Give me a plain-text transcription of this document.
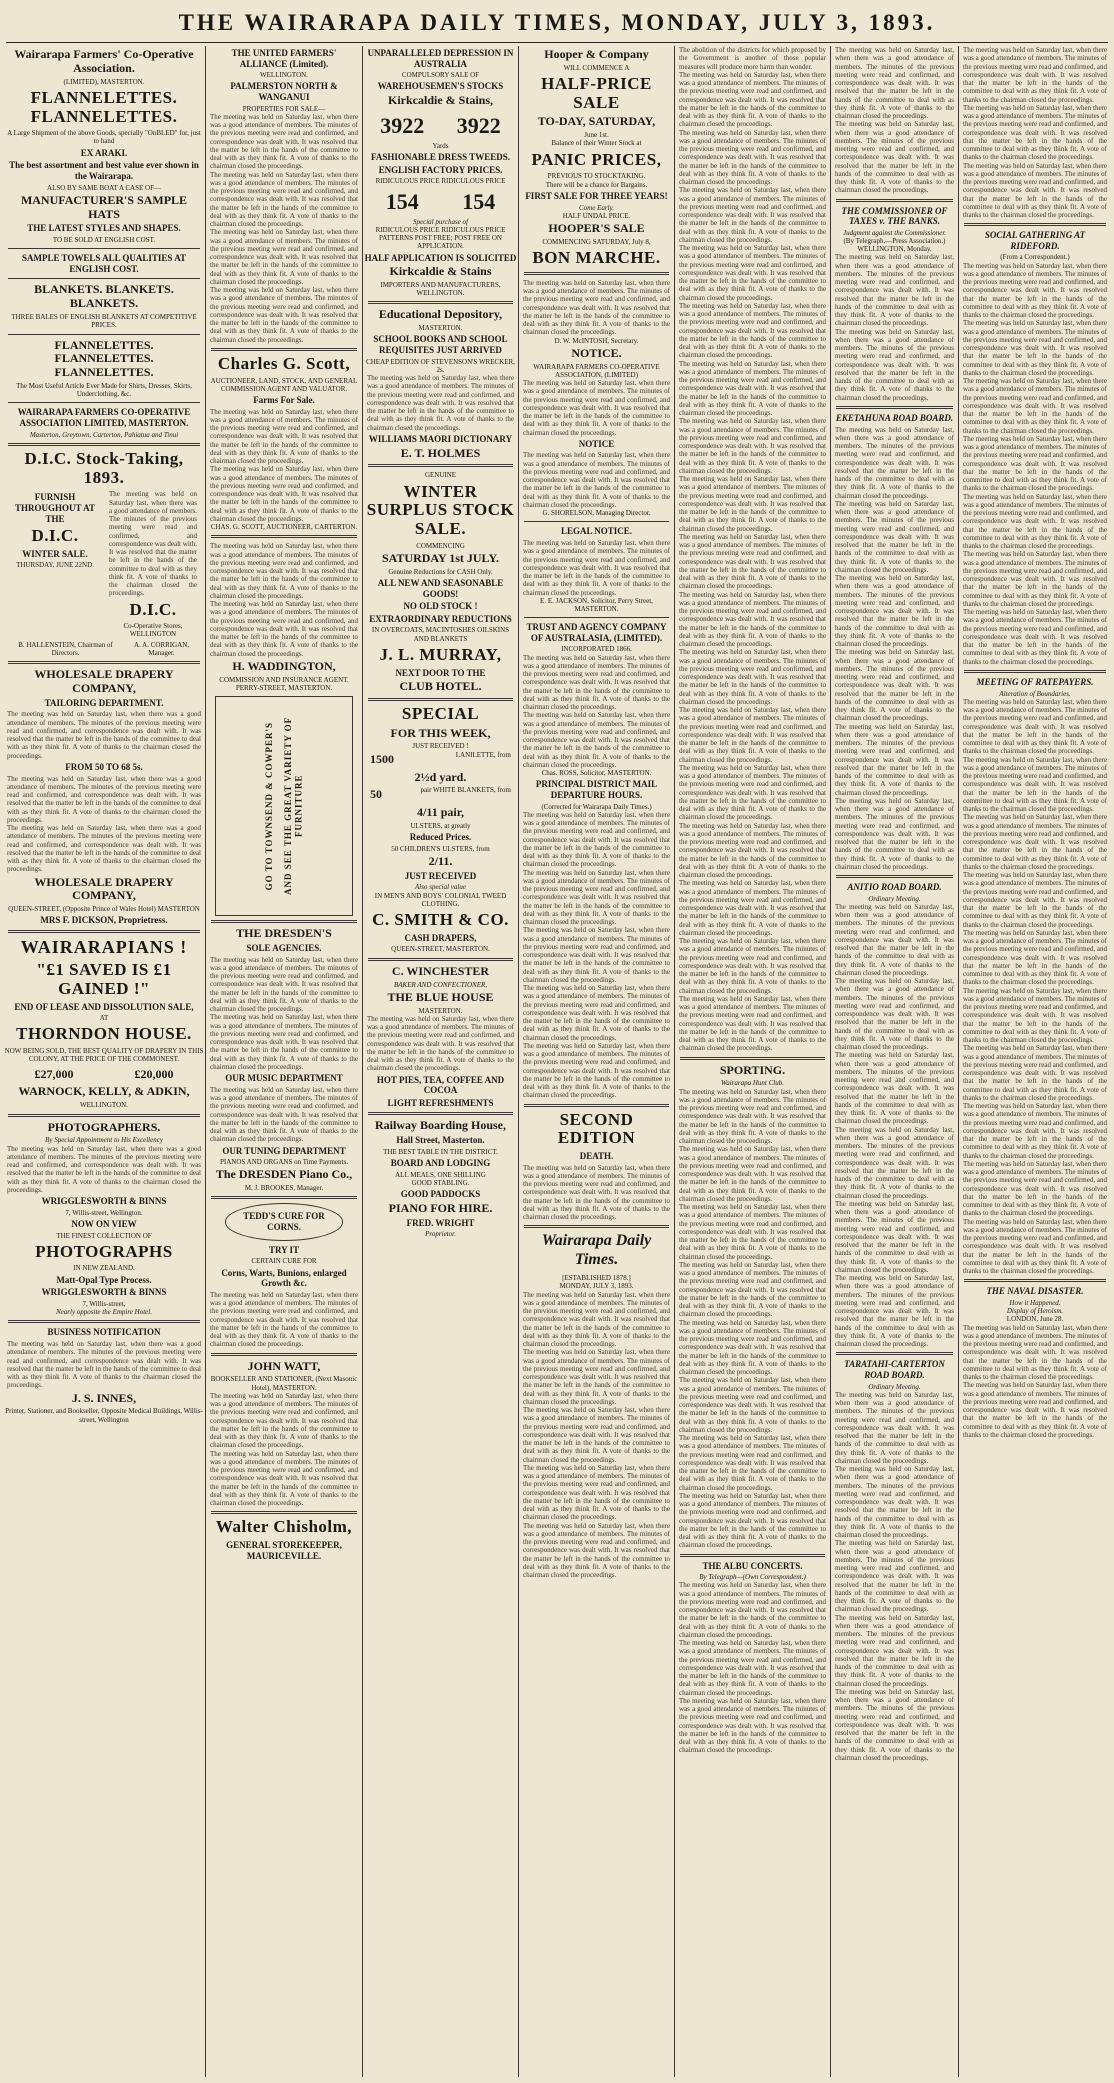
THE WAIRARAPA DAILY TIMES, MONDAY, JULY 3, 1893.
Wairarapa Farmers' Co-Operative Association.
(LIMITED), MASTERTON.
FLANNELETTES. FLANNELETTES.
A Large Shipment of the above Goods, specially "OnBLED" for, just to hand
EX ARAKI.
The best assortment and best value ever shown in the Wairarapa.
ALSO BY SAME BOAT A CASE OF—
MANUFACTURER'S SAMPLE HATS
THE LATEST STYLES AND SHAPES.
TO BE SOLD AT ENGLISH COST.
SAMPLE TOWELS ALL QUALITIES AT ENGLISH COST.
BLANKETS. BLANKETS. BLANKETS.
THREE BALES OF ENGLISH BLANKETS AT COMPETITIVE PRICES.
FLANNELETTES. FLANNELETTES. FLANNELETTES.
The Most Useful Article Ever Made for Shirts, Dresses, Skirts, Underclothing, &c.
WAIRARAPA FARMERS CO-OPERATIVE ASSOCIATION LIMITED, MASTERTON.
Masterton, Greytown, Carterton, Pahiatua and Tinui
D.I.C. Stock-Taking, 1893.
FURNISH THROUGHOUT AT THE
D.I.C.
WINTER SALE.
THURSDAY, JUNE 22ND.

The meeting was held on Saturday last, when there was a good attendance of members. The minutes of the previous meeting were read and confirmed, and correspondence was dealt with. It was resolved that the matter be left in the hands of the committee to deal with as they think fit. A vote of thanks to the chairman closed the proceedings.

D.I.C.
Co-Operative Stores, WELLINGTON
B. HALLENSTEIN, Chairman of Directors.
A. A. CORRIGAN, Manager.
WHOLESALE DRAPERY COMPANY,
TAILORING DEPARTMENT.

The meeting was held on Saturday last, when there was a good attendance of members. The minutes of the previous meeting were read and confirmed, and correspondence was dealt with. It was resolved that the matter be left in the hands of the committee to deal with as they think fit. A vote of thanks to the chairman closed the proceedings.

FROM 50 TO 68 5s.

The meeting was held on Saturday last, when there was a good attendance of members. The minutes of the previous meeting were read and confirmed, and correspondence was dealt with. It was resolved that the matter be left in the hands of the committee to deal with as they think fit. A vote of thanks to the chairman closed the proceedings.

The meeting was held on Saturday last, when there was a good attendance of members. The minutes of the previous meeting were read and confirmed, and correspondence was dealt with. It was resolved that the matter be left in the hands of the committee to deal with as they think fit. A vote of thanks to the chairman closed the proceedings.

WHOLESALE DRAPERY COMPANY,
QUEEN-STREET, (Opposite Prince of Wales Hotel) MASTERTON
MRS F. DICKSON, Proprietress.
WAIRARAPIANS !
"£1 SAVED IS £1 GAINED !"
END OF LEASE AND DISSOLUTION SALE,
AT
THORNDON HOUSE.
NOW BEING SOLD, THE BEST QUALITY OF DRAPERY IN THIS COLONY, AT THE PRICE OF THE COMMONEST.
£27,000	£20,000
WARNOCK, KELLY, & ADKIN,
WELLINGTON.
PHOTOGRAPHERS.
By Special Appointment to His Excellency

The meeting was held on Saturday last, when there was a good attendance of members. The minutes of the previous meeting were read and confirmed, and correspondence was dealt with. It was resolved that the matter be left in the hands of the committee to deal with as they think fit. A vote of thanks to the chairman closed the proceedings.

WRIGGLESWORTH & BINNS
7, Willis-street, Wellington.
NOW ON VIEW
THE FINEST COLLECTION OF
PHOTOGRAPHS
IN NEW ZEALAND.
Matt-Opal Type Process.
WRIGGLESWORTH & BINNS
7, Willis-street,
Nearly opposite the Empire Hotel.
BUSINESS NOTIFICATION

The meeting was held on Saturday last, when there was a good attendance of members. The minutes of the previous meeting were read and confirmed, and correspondence was dealt with. It was resolved that the matter be left in the hands of the committee to deal with as they think fit. A vote of thanks to the chairman closed the proceedings.

J. S. INNES,
Printer, Stationer, and Bookseller, Opposite Medical Buildings, Willis-street, Wellington
THE UNITED FARMERS' ALLIANCE (Limited).
WELLINGTON.
PALMERSTON NORTH & WANGANUI
PROPERTIES FOR SALE—

The meeting was held on Saturday last, when there was a good attendance of members. The minutes of the previous meeting were read and confirmed, and correspondence was dealt with. It was resolved that the matter be left in the hands of the committee to deal with as they think fit. A vote of thanks to the chairman closed the proceedings.

The meeting was held on Saturday last, when there was a good attendance of members. The minutes of the previous meeting were read and confirmed, and correspondence was dealt with. It was resolved that the matter be left in the hands of the committee to deal with as they think fit. A vote of thanks to the chairman closed the proceedings.

The meeting was held on Saturday last, when there was a good attendance of members. The minutes of the previous meeting were read and confirmed, and correspondence was dealt with. It was resolved that the matter be left in the hands of the committee to deal with as they think fit. A vote of thanks to the chairman closed the proceedings.

The meeting was held on Saturday last, when there was a good attendance of members. The minutes of the previous meeting were read and confirmed, and correspondence was dealt with. It was resolved that the matter be left in the hands of the committee to deal with as they think fit. A vote of thanks to the chairman closed the proceedings.

Charles G. Scott,
AUCTIONEER, LAND, STOCK, AND GENERAL COMMISSION AGENT AND VALUATOR.
Farms For Sale.

The meeting was held on Saturday last, when there was a good attendance of members. The minutes of the previous meeting were read and confirmed, and correspondence was dealt with. It was resolved that the matter be left in the hands of the committee to deal with as they think fit. A vote of thanks to the chairman closed the proceedings.

The meeting was held on Saturday last, when there was a good attendance of members. The minutes of the previous meeting were read and confirmed, and correspondence was dealt with. It was resolved that the matter be left in the hands of the committee to deal with as they think fit. A vote of thanks to the chairman closed the proceedings.

CHAS. G. SCOTT, AUCTIONEER, CARTERTON.

The meeting was held on Saturday last, when there was a good attendance of members. The minutes of the previous meeting were read and confirmed, and correspondence was dealt with. It was resolved that the matter be left in the hands of the committee to deal with as they think fit. A vote of thanks to the chairman closed the proceedings.

The meeting was held on Saturday last, when there was a good attendance of members. The minutes of the previous meeting were read and confirmed, and correspondence was dealt with. It was resolved that the matter be left in the hands of the committee to deal with as they think fit. A vote of thanks to the chairman closed the proceedings.

H. WADDINGTON,
COMMISSION AND INSURANCE AGENT. PERRY-STREET, MASTERTON.
GO TO TOWNSEND & COWPER'S AND SEE THE GREAT VARIETY OF FURNITURE
THE DRESDEN'S
SOLE AGENCIES.

The meeting was held on Saturday last, when there was a good attendance of members. The minutes of the previous meeting were read and confirmed, and correspondence was dealt with. It was resolved that the matter be left in the hands of the committee to deal with as they think fit. A vote of thanks to the chairman closed the proceedings.

The meeting was held on Saturday last, when there was a good attendance of members. The minutes of the previous meeting were read and confirmed, and correspondence was dealt with. It was resolved that the matter be left in the hands of the committee to deal with as they think fit. A vote of thanks to the chairman closed the proceedings.

OUR MUSIC DEPARTMENT

The meeting was held on Saturday last, when there was a good attendance of members. The minutes of the previous meeting were read and confirmed, and correspondence was dealt with. It was resolved that the matter be left in the hands of the committee to deal with as they think fit. A vote of thanks to the chairman closed the proceedings.

OUR TUNING DEPARTMENT
PIANOS AND ORGANS on Time Payments.
The DRESDEN Piano Co.,
M. J. BROOKES, Manager.
TEDD'S CURE FOR CORNS.
TRY IT
CERTAIN CURE FOR
Corns, Warts, Bunions, enlarged Growth &c.

The meeting was held on Saturday last, when there was a good attendance of members. The minutes of the previous meeting were read and confirmed, and correspondence was dealt with. It was resolved that the matter be left in the hands of the committee to deal with as they think fit. A vote of thanks to the chairman closed the proceedings.

JOHN WATT,
BOOKSELLER AND STATIONER, (Next Masonic Hotel), MASTERTON.

The meeting was held on Saturday last, when there was a good attendance of members. The minutes of the previous meeting were read and confirmed, and correspondence was dealt with. It was resolved that the matter be left in the hands of the committee to deal with as they think fit. A vote of thanks to the chairman closed the proceedings.

The meeting was held on Saturday last, when there was a good attendance of members. The minutes of the previous meeting were read and confirmed, and correspondence was dealt with. It was resolved that the matter be left in the hands of the committee to deal with as they think fit. A vote of thanks to the chairman closed the proceedings.

Walter Chisholm,
GENERAL STOREKEEPER, MAURICEVILLE.
UNPARALLELED DEPRESSION IN AUSTRALIA
COMPULSORY SALE OF
WAREHOUSEMEN'S STOCKS
Kirkcaldie & Stains,
3922 3922
Yards
FASHIONABLE DRESS TWEEDS.
ENGLISH FACTORY PRICES.
RIDICULOUS PRICE RIDICULOUS PRICE
154 154
Special purchase of
RIDICULOUS PRICE RIDICULOUS PRICE
PATTERNS POST FREE; POST FREE ON APPLICATION.
HALF APPLICATION IS SOLICITED
Kirkcaldie & Stains
IMPORTERS AND MANUFACTURERS, WELLINGTON.
Educational Depository,
MASTERTON.
SCHOOL BOOKS AND SCHOOL REQUISITES JUST ARRIVED
CHEAP EDITION OF STEVENSON'S WRECKER, 2s.

The meeting was held on Saturday last, when there was a good attendance of members. The minutes of the previous meeting were read and confirmed, and correspondence was dealt with. It was resolved that the matter be left in the hands of the committee to deal with as they think fit. A vote of thanks to the chairman closed the proceedings.

WILLIAMS MAORI DICTIONARY
E. T. HOLMES
GENUINE
WINTER SURPLUS STOCK SALE.
COMMENCING
SATURDAY 1st JULY.
Genuine Reductions for CASH Only.
ALL NEW AND SEASONABLE GOODS!
NO OLD STOCK !
EXTRAORDINARY REDUCTIONS
IN OVERCOATS, MACINTOSHES OILSKINS AND BLANKETS
J. L. MURRAY,
NEXT DOOR TO THE
CLUB HOTEL.
SPECIAL
FOR THIS WEEK,
JUST RECEIVED !
1500	LANILETTE, from
2½d yard.
50	pair WHITE BLANKETS, from
4/11 pair,
ULSTERS, at greatly
Reduced Prices.
50 CHILDREN'S ULSTERS, from
2/11.
JUST RECEIVED
Also special value
IN MEN'S AND BOYS' COLONIAL TWEED CLOTHING.
C. SMITH & CO.
CASH DRAPERS,
QUEEN-STREET, MASTERTON.
C. WINCHESTER
BAKER AND CONFECTIONER,
THE BLUE HOUSE
MASTERTON.

The meeting was held on Saturday last, when there was a good attendance of members. The minutes of the previous meeting were read and confirmed, and correspondence was dealt with. It was resolved that the matter be left in the hands of the committee to deal with as they think fit. A vote of thanks to the chairman closed the proceedings.

HOT PIES, TEA, COFFEE AND COCOA
LIGHT REFRESHMENTS
Railway Boarding House,
Hall Street, Masterton.
THE BEST TABLE IN THE DISTRICT.
BOARD AND LODGING
ALL MEALS, ONE SHILLING
GOOD STABLING.
GOOD PADDOCKS
PIANO FOR HIRE.
FRED. WRIGHT
Proprietor.
Hooper & Company
WILL COMMENCE A
HALF-PRICE SALE
TO-DAY, SATURDAY,
June 1st.
Balance of their Winter Stock at
PANIC PRICES,
PREVIOUS TO STOCKTAKING.
There will be a chance for Bargains.
FIRST SALE FOR THREE YEARS!
Come Early.
HALF UNDAL PRICE.
HOOPER'S SALE
COMMENCING SATURDAY, July 8,
BON MARCHE.

The meeting was held on Saturday last, when there was a good attendance of members. The minutes of the previous meeting were read and confirmed, and correspondence was dealt with. It was resolved that the matter be left in the hands of the committee to deal with as they think fit. A vote of thanks to the chairman closed the proceedings.

D. W. McINTOSH, Secretary.
NOTICE.
WAIRARAPA FARMERS CO-OPERATIVE ASSOCIATION, (LIMITED)

The meeting was held on Saturday last, when there was a good attendance of members. The minutes of the previous meeting were read and confirmed, and correspondence was dealt with. It was resolved that the matter be left in the hands of the committee to deal with as they think fit. A vote of thanks to the chairman closed the proceedings.

NOTICE

The meeting was held on Saturday last, when there was a good attendance of members. The minutes of the previous meeting were read and confirmed, and correspondence was dealt with. It was resolved that the matter be left in the hands of the committee to deal with as they think fit. A vote of thanks to the chairman closed the proceedings.

G. SHORELSON, Managing Director.
LEGAL NOTICE.

The meeting was held on Saturday last, when there was a good attendance of members. The minutes of the previous meeting were read and confirmed, and correspondence was dealt with. It was resolved that the matter be left in the hands of the committee to deal with as they think fit. A vote of thanks to the chairman closed the proceedings.

E. E. JACKSON, Solicitor, Perry Street, MASTERTON.
TRUST AND AGENCY COMPANY OF AUSTRALASIA, (LIMITED).
INCORPORATED 1866.

The meeting was held on Saturday last, when there was a good attendance of members. The minutes of the previous meeting were read and confirmed, and correspondence was dealt with. It was resolved that the matter be left in the hands of the committee to deal with as they think fit. A vote of thanks to the chairman closed the proceedings.

The meeting was held on Saturday last, when there was a good attendance of members. The minutes of the previous meeting were read and confirmed, and correspondence was dealt with. It was resolved that the matter be left in the hands of the committee to deal with as they think fit. A vote of thanks to the chairman closed the proceedings.

Chas. ROSS, Solicitor, MASTERTON.
PRINCIPAL DISTRICT MAIL DEPARTURE HOURS.
(Corrected for Wairarapa Daily Times.)

The meeting was held on Saturday last, when there was a good attendance of members. The minutes of the previous meeting were read and confirmed, and correspondence was dealt with. It was resolved that the matter be left in the hands of the committee to deal with as they think fit. A vote of thanks to the chairman closed the proceedings.

The meeting was held on Saturday last, when there was a good attendance of members. The minutes of the previous meeting were read and confirmed, and correspondence was dealt with. It was resolved that the matter be left in the hands of the committee to deal with as they think fit. A vote of thanks to the chairman closed the proceedings.

The meeting was held on Saturday last, when there was a good attendance of members. The minutes of the previous meeting were read and confirmed, and correspondence was dealt with. It was resolved that the matter be left in the hands of the committee to deal with as they think fit. A vote of thanks to the chairman closed the proceedings.

The meeting was held on Saturday last, when there was a good attendance of members. The minutes of the previous meeting were read and confirmed, and correspondence was dealt with. It was resolved that the matter be left in the hands of the committee to deal with as they think fit. A vote of thanks to the chairman closed the proceedings.

The meeting was held on Saturday last, when there was a good attendance of members. The minutes of the previous meeting were read and confirmed, and correspondence was dealt with. It was resolved that the matter be left in the hands of the committee to deal with as they think fit. A vote of thanks to the chairman closed the proceedings.

SECOND EDITION
DEATH.

The meeting was held on Saturday last, when there was a good attendance of members. The minutes of the previous meeting were read and confirmed, and correspondence was dealt with. It was resolved that the matter be left in the hands of the committee to deal with as they think fit. A vote of thanks to the chairman closed the proceedings.

Wairarapa Daily Times.
[ESTABLISHED 1878.]
MONDAY, JULY 3, 1893.

The meeting was held on Saturday last, when there was a good attendance of members. The minutes of the previous meeting were read and confirmed, and correspondence was dealt with. It was resolved that the matter be left in the hands of the committee to deal with as they think fit. A vote of thanks to the chairman closed the proceedings.

The meeting was held on Saturday last, when there was a good attendance of members. The minutes of the previous meeting were read and confirmed, and correspondence was dealt with. It was resolved that the matter be left in the hands of the committee to deal with as they think fit. A vote of thanks to the chairman closed the proceedings.

The meeting was held on Saturday last, when there was a good attendance of members. The minutes of the previous meeting were read and confirmed, and correspondence was dealt with. It was resolved that the matter be left in the hands of the committee to deal with as they think fit. A vote of thanks to the chairman closed the proceedings.

The meeting was held on Saturday last, when there was a good attendance of members. The minutes of the previous meeting were read and confirmed, and correspondence was dealt with. It was resolved that the matter be left in the hands of the committee to deal with as they think fit. A vote of thanks to the chairman closed the proceedings.

The meeting was held on Saturday last, when there was a good attendance of members. The minutes of the previous meeting were read and confirmed, and correspondence was dealt with. It was resolved that the matter be left in the hands of the committee to deal with as they think fit. A vote of thanks to the chairman closed the proceedings.

The abolition of the districts for which proposed by the Government is another of those popular measures will produce more harm than wonder.

The meeting was held on Saturday last, when there was a good attendance of members. The minutes of the previous meeting were read and confirmed, and correspondence was dealt with. It was resolved that the matter be left in the hands of the committee to deal with as they think fit. A vote of thanks to the chairman closed the proceedings.

The meeting was held on Saturday last, when there was a good attendance of members. The minutes of the previous meeting were read and confirmed, and correspondence was dealt with. It was resolved that the matter be left in the hands of the committee to deal with as they think fit. A vote of thanks to the chairman closed the proceedings.

The meeting was held on Saturday last, when there was a good attendance of members. The minutes of the previous meeting were read and confirmed, and correspondence was dealt with. It was resolved that the matter be left in the hands of the committee to deal with as they think fit. A vote of thanks to the chairman closed the proceedings.

The meeting was held on Saturday last, when there was a good attendance of members. The minutes of the previous meeting were read and confirmed, and correspondence was dealt with. It was resolved that the matter be left in the hands of the committee to deal with as they think fit. A vote of thanks to the chairman closed the proceedings.

The meeting was held on Saturday last, when there was a good attendance of members. The minutes of the previous meeting were read and confirmed, and correspondence was dealt with. It was resolved that the matter be left in the hands of the committee to deal with as they think fit. A vote of thanks to the chairman closed the proceedings.

The meeting was held on Saturday last, when there was a good attendance of members. The minutes of the previous meeting were read and confirmed, and correspondence was dealt with. It was resolved that the matter be left in the hands of the committee to deal with as they think fit. A vote of thanks to the chairman closed the proceedings.

The meeting was held on Saturday last, when there was a good attendance of members. The minutes of the previous meeting were read and confirmed, and correspondence was dealt with. It was resolved that the matter be left in the hands of the committee to deal with as they think fit. A vote of thanks to the chairman closed the proceedings.

The meeting was held on Saturday last, when there was a good attendance of members. The minutes of the previous meeting were read and confirmed, and correspondence was dealt with. It was resolved that the matter be left in the hands of the committee to deal with as they think fit. A vote of thanks to the chairman closed the proceedings.

The meeting was held on Saturday last, when there was a good attendance of members. The minutes of the previous meeting were read and confirmed, and correspondence was dealt with. It was resolved that the matter be left in the hands of the committee to deal with as they think fit. A vote of thanks to the chairman closed the proceedings.

The meeting was held on Saturday last, when there was a good attendance of members. The minutes of the previous meeting were read and confirmed, and correspondence was dealt with. It was resolved that the matter be left in the hands of the committee to deal with as they think fit. A vote of thanks to the chairman closed the proceedings.

The meeting was held on Saturday last, when there was a good attendance of members. The minutes of the previous meeting were read and confirmed, and correspondence was dealt with. It was resolved that the matter be left in the hands of the committee to deal with as they think fit. A vote of thanks to the chairman closed the proceedings.

The meeting was held on Saturday last, when there was a good attendance of members. The minutes of the previous meeting were read and confirmed, and correspondence was dealt with. It was resolved that the matter be left in the hands of the committee to deal with as they think fit. A vote of thanks to the chairman closed the proceedings.

The meeting was held on Saturday last, when there was a good attendance of members. The minutes of the previous meeting were read and confirmed, and correspondence was dealt with. It was resolved that the matter be left in the hands of the committee to deal with as they think fit. A vote of thanks to the chairman closed the proceedings.

The meeting was held on Saturday last, when there was a good attendance of members. The minutes of the previous meeting were read and confirmed, and correspondence was dealt with. It was resolved that the matter be left in the hands of the committee to deal with as they think fit. A vote of thanks to the chairman closed the proceedings.

The meeting was held on Saturday last, when there was a good attendance of members. The minutes of the previous meeting were read and confirmed, and correspondence was dealt with. It was resolved that the matter be left in the hands of the committee to deal with as they think fit. A vote of thanks to the chairman closed the proceedings.

The meeting was held on Saturday last, when there was a good attendance of members. The minutes of the previous meeting were read and confirmed, and correspondence was dealt with. It was resolved that the matter be left in the hands of the committee to deal with as they think fit. A vote of thanks to the chairman closed the proceedings.

The meeting was held on Saturday last, when there was a good attendance of members. The minutes of the previous meeting were read and confirmed, and correspondence was dealt with. It was resolved that the matter be left in the hands of the committee to deal with as they think fit. A vote of thanks to the chairman closed the proceedings.

SPORTING.
Wairarapa Hunt Club.

The meeting was held on Saturday last, when there was a good attendance of members. The minutes of the previous meeting were read and confirmed, and correspondence was dealt with. It was resolved that the matter be left in the hands of the committee to deal with as they think fit. A vote of thanks to the chairman closed the proceedings.

The meeting was held on Saturday last, when there was a good attendance of members. The minutes of the previous meeting were read and confirmed, and correspondence was dealt with. It was resolved that the matter be left in the hands of the committee to deal with as they think fit. A vote of thanks to the chairman closed the proceedings.

The meeting was held on Saturday last, when there was a good attendance of members. The minutes of the previous meeting were read and confirmed, and correspondence was dealt with. It was resolved that the matter be left in the hands of the committee to deal with as they think fit. A vote of thanks to the chairman closed the proceedings.

The meeting was held on Saturday last, when there was a good attendance of members. The minutes of the previous meeting were read and confirmed, and correspondence was dealt with. It was resolved that the matter be left in the hands of the committee to deal with as they think fit. A vote of thanks to the chairman closed the proceedings.

The meeting was held on Saturday last, when there was a good attendance of members. The minutes of the previous meeting were read and confirmed, and correspondence was dealt with. It was resolved that the matter be left in the hands of the committee to deal with as they think fit. A vote of thanks to the chairman closed the proceedings.

The meeting was held on Saturday last, when there was a good attendance of members. The minutes of the previous meeting were read and confirmed, and correspondence was dealt with. It was resolved that the matter be left in the hands of the committee to deal with as they think fit. A vote of thanks to the chairman closed the proceedings.

The meeting was held on Saturday last, when there was a good attendance of members. The minutes of the previous meeting were read and confirmed, and correspondence was dealt with. It was resolved that the matter be left in the hands of the committee to deal with as they think fit. A vote of thanks to the chairman closed the proceedings.

The meeting was held on Saturday last, when there was a good attendance of members. The minutes of the previous meeting were read and confirmed, and correspondence was dealt with. It was resolved that the matter be left in the hands of the committee to deal with as they think fit. A vote of thanks to the chairman closed the proceedings.

THE ALBU CONCERTS.
By Telegraph—(Own Correspondent.)

The meeting was held on Saturday last, when there was a good attendance of members. The minutes of the previous meeting were read and confirmed, and correspondence was dealt with. It was resolved that the matter be left in the hands of the committee to deal with as they think fit. A vote of thanks to the chairman closed the proceedings.

The meeting was held on Saturday last, when there was a good attendance of members. The minutes of the previous meeting were read and confirmed, and correspondence was dealt with. It was resolved that the matter be left in the hands of the committee to deal with as they think fit. A vote of thanks to the chairman closed the proceedings.

The meeting was held on Saturday last, when there was a good attendance of members. The minutes of the previous meeting were read and confirmed, and correspondence was dealt with. It was resolved that the matter be left in the hands of the committee to deal with as they think fit. A vote of thanks to the chairman closed the proceedings.

The meeting was held on Saturday last, when there was a good attendance of members. The minutes of the previous meeting were read and confirmed, and correspondence was dealt with. It was resolved that the matter be left in the hands of the committee to deal with as they think fit. A vote of thanks to the chairman closed the proceedings.

The meeting was held on Saturday last, when there was a good attendance of members. The minutes of the previous meeting were read and confirmed, and correspondence was dealt with. It was resolved that the matter be left in the hands of the committee to deal with as they think fit. A vote of thanks to the chairman closed the proceedings.

THE COMMISSIONER OF TAXES v. THE BANKS.
Judgment against the Commissioner.
(By Telegraph.—Press Association.)
WELLINGTON, Monday.

The meeting was held on Saturday last, when there was a good attendance of members. The minutes of the previous meeting were read and confirmed, and correspondence was dealt with. It was resolved that the matter be left in the hands of the committee to deal with as they think fit. A vote of thanks to the chairman closed the proceedings.

The meeting was held on Saturday last, when there was a good attendance of members. The minutes of the previous meeting were read and confirmed, and correspondence was dealt with. It was resolved that the matter be left in the hands of the committee to deal with as they think fit. A vote of thanks to the chairman closed the proceedings.

EKETAHUNA ROAD BOARD.

The meeting was held on Saturday last, when there was a good attendance of members. The minutes of the previous meeting were read and confirmed, and correspondence was dealt with. It was resolved that the matter be left in the hands of the committee to deal with as they think fit. A vote of thanks to the chairman closed the proceedings.

The meeting was held on Saturday last, when there was a good attendance of members. The minutes of the previous meeting were read and confirmed, and correspondence was dealt with. It was resolved that the matter be left in the hands of the committee to deal with as they think fit. A vote of thanks to the chairman closed the proceedings.

The meeting was held on Saturday last, when there was a good attendance of members. The minutes of the previous meeting were read and confirmed, and correspondence was dealt with. It was resolved that the matter be left in the hands of the committee to deal with as they think fit. A vote of thanks to the chairman closed the proceedings.

The meeting was held on Saturday last, when there was a good attendance of members. The minutes of the previous meeting were read and confirmed, and correspondence was dealt with. It was resolved that the matter be left in the hands of the committee to deal with as they think fit. A vote of thanks to the chairman closed the proceedings.

The meeting was held on Saturday last, when there was a good attendance of members. The minutes of the previous meeting were read and confirmed, and correspondence was dealt with. It was resolved that the matter be left in the hands of the committee to deal with as they think fit. A vote of thanks to the chairman closed the proceedings.

The meeting was held on Saturday last, when there was a good attendance of members. The minutes of the previous meeting were read and confirmed, and correspondence was dealt with. It was resolved that the matter be left in the hands of the committee to deal with as they think fit. A vote of thanks to the chairman closed the proceedings.

ANITIO ROAD BOARD.
Ordinary Meeting.

The meeting was held on Saturday last, when there was a good attendance of members. The minutes of the previous meeting were read and confirmed, and correspondence was dealt with. It was resolved that the matter be left in the hands of the committee to deal with as they think fit. A vote of thanks to the chairman closed the proceedings.

The meeting was held on Saturday last, when there was a good attendance of members. The minutes of the previous meeting were read and confirmed, and correspondence was dealt with. It was resolved that the matter be left in the hands of the committee to deal with as they think fit. A vote of thanks to the chairman closed the proceedings.

The meeting was held on Saturday last, when there was a good attendance of members. The minutes of the previous meeting were read and confirmed, and correspondence was dealt with. It was resolved that the matter be left in the hands of the committee to deal with as they think fit. A vote of thanks to the chairman closed the proceedings.

The meeting was held on Saturday last, when there was a good attendance of members. The minutes of the previous meeting were read and confirmed, and correspondence was dealt with. It was resolved that the matter be left in the hands of the committee to deal with as they think fit. A vote of thanks to the chairman closed the proceedings.

The meeting was held on Saturday last, when there was a good attendance of members. The minutes of the previous meeting were read and confirmed, and correspondence was dealt with. It was resolved that the matter be left in the hands of the committee to deal with as they think fit. A vote of thanks to the chairman closed the proceedings.

The meeting was held on Saturday last, when there was a good attendance of members. The minutes of the previous meeting were read and confirmed, and correspondence was dealt with. It was resolved that the matter be left in the hands of the committee to deal with as they think fit. A vote of thanks to the chairman closed the proceedings.

TARATAHI-CARTERTON ROAD BOARD.
Ordinary Meeting.

The meeting was held on Saturday last, when there was a good attendance of members. The minutes of the previous meeting were read and confirmed, and correspondence was dealt with. It was resolved that the matter be left in the hands of the committee to deal with as they think fit. A vote of thanks to the chairman closed the proceedings.

The meeting was held on Saturday last, when there was a good attendance of members. The minutes of the previous meeting were read and confirmed, and correspondence was dealt with. It was resolved that the matter be left in the hands of the committee to deal with as they think fit. A vote of thanks to the chairman closed the proceedings.

The meeting was held on Saturday last, when there was a good attendance of members. The minutes of the previous meeting were read and confirmed, and correspondence was dealt with. It was resolved that the matter be left in the hands of the committee to deal with as they think fit. A vote of thanks to the chairman closed the proceedings.

The meeting was held on Saturday last, when there was a good attendance of members. The minutes of the previous meeting were read and confirmed, and correspondence was dealt with. It was resolved that the matter be left in the hands of the committee to deal with as they think fit. A vote of thanks to the chairman closed the proceedings.

The meeting was held on Saturday last, when there was a good attendance of members. The minutes of the previous meeting were read and confirmed, and correspondence was dealt with. It was resolved that the matter be left in the hands of the committee to deal with as they think fit. A vote of thanks to the chairman closed the proceedings.

The meeting was held on Saturday last, when there was a good attendance of members. The minutes of the previous meeting were read and confirmed, and correspondence was dealt with. It was resolved that the matter be left in the hands of the committee to deal with as they think fit. A vote of thanks to the chairman closed the proceedings.

The meeting was held on Saturday last, when there was a good attendance of members. The minutes of the previous meeting were read and confirmed, and correspondence was dealt with. It was resolved that the matter be left in the hands of the committee to deal with as they think fit. A vote of thanks to the chairman closed the proceedings.

The meeting was held on Saturday last, when there was a good attendance of members. The minutes of the previous meeting were read and confirmed, and correspondence was dealt with. It was resolved that the matter be left in the hands of the committee to deal with as they think fit. A vote of thanks to the chairman closed the proceedings.

SOCIAL GATHERING AT RIDEFORD.
(From a Correspondent.)

The meeting was held on Saturday last, when there was a good attendance of members. The minutes of the previous meeting were read and confirmed, and correspondence was dealt with. It was resolved that the matter be left in the hands of the committee to deal with as they think fit. A vote of thanks to the chairman closed the proceedings.

The meeting was held on Saturday last, when there was a good attendance of members. The minutes of the previous meeting were read and confirmed, and correspondence was dealt with. It was resolved that the matter be left in the hands of the committee to deal with as they think fit. A vote of thanks to the chairman closed the proceedings.

The meeting was held on Saturday last, when there was a good attendance of members. The minutes of the previous meeting were read and confirmed, and correspondence was dealt with. It was resolved that the matter be left in the hands of the committee to deal with as they think fit. A vote of thanks to the chairman closed the proceedings.

The meeting was held on Saturday last, when there was a good attendance of members. The minutes of the previous meeting were read and confirmed, and correspondence was dealt with. It was resolved that the matter be left in the hands of the committee to deal with as they think fit. A vote of thanks to the chairman closed the proceedings.

The meeting was held on Saturday last, when there was a good attendance of members. The minutes of the previous meeting were read and confirmed, and correspondence was dealt with. It was resolved that the matter be left in the hands of the committee to deal with as they think fit. A vote of thanks to the chairman closed the proceedings.

The meeting was held on Saturday last, when there was a good attendance of members. The minutes of the previous meeting were read and confirmed, and correspondence was dealt with. It was resolved that the matter be left in the hands of the committee to deal with as they think fit. A vote of thanks to the chairman closed the proceedings.

The meeting was held on Saturday last, when there was a good attendance of members. The minutes of the previous meeting were read and confirmed, and correspondence was dealt with. It was resolved that the matter be left in the hands of the committee to deal with as they think fit. A vote of thanks to the chairman closed the proceedings.

MEETING OF RATEPAYERS.
Alteration of Boundaries.

The meeting was held on Saturday last, when there was a good attendance of members. The minutes of the previous meeting were read and confirmed, and correspondence was dealt with. It was resolved that the matter be left in the hands of the committee to deal with as they think fit. A vote of thanks to the chairman closed the proceedings.

The meeting was held on Saturday last, when there was a good attendance of members. The minutes of the previous meeting were read and confirmed, and correspondence was dealt with. It was resolved that the matter be left in the hands of the committee to deal with as they think fit. A vote of thanks to the chairman closed the proceedings.

The meeting was held on Saturday last, when there was a good attendance of members. The minutes of the previous meeting were read and confirmed, and correspondence was dealt with. It was resolved that the matter be left in the hands of the committee to deal with as they think fit. A vote of thanks to the chairman closed the proceedings.

The meeting was held on Saturday last, when there was a good attendance of members. The minutes of the previous meeting were read and confirmed, and correspondence was dealt with. It was resolved that the matter be left in the hands of the committee to deal with as they think fit. A vote of thanks to the chairman closed the proceedings.

The meeting was held on Saturday last, when there was a good attendance of members. The minutes of the previous meeting were read and confirmed, and correspondence was dealt with. It was resolved that the matter be left in the hands of the committee to deal with as they think fit. A vote of thanks to the chairman closed the proceedings.

The meeting was held on Saturday last, when there was a good attendance of members. The minutes of the previous meeting were read and confirmed, and correspondence was dealt with. It was resolved that the matter be left in the hands of the committee to deal with as they think fit. A vote of thanks to the chairman closed the proceedings.

The meeting was held on Saturday last, when there was a good attendance of members. The minutes of the previous meeting were read and confirmed, and correspondence was dealt with. It was resolved that the matter be left in the hands of the committee to deal with as they think fit. A vote of thanks to the chairman closed the proceedings.

The meeting was held on Saturday last, when there was a good attendance of members. The minutes of the previous meeting were read and confirmed, and correspondence was dealt with. It was resolved that the matter be left in the hands of the committee to deal with as they think fit. A vote of thanks to the chairman closed the proceedings.

The meeting was held on Saturday last, when there was a good attendance of members. The minutes of the previous meeting were read and confirmed, and correspondence was dealt with. It was resolved that the matter be left in the hands of the committee to deal with as they think fit. A vote of thanks to the chairman closed the proceedings.

The meeting was held on Saturday last, when there was a good attendance of members. The minutes of the previous meeting were read and confirmed, and correspondence was dealt with. It was resolved that the matter be left in the hands of the committee to deal with as they think fit. A vote of thanks to the chairman closed the proceedings.

THE NAVAL DISASTER.
How it Happened.
Display of Heroism.
LONDON, June 28.

The meeting was held on Saturday last, when there was a good attendance of members. The minutes of the previous meeting were read and confirmed, and correspondence was dealt with. It was resolved that the matter be left in the hands of the committee to deal with as they think fit. A vote of thanks to the chairman closed the proceedings.

The meeting was held on Saturday last, when there was a good attendance of members. The minutes of the previous meeting were read and confirmed, and correspondence was dealt with. It was resolved that the matter be left in the hands of the committee to deal with as they think fit. A vote of thanks to the chairman closed the proceedings.
